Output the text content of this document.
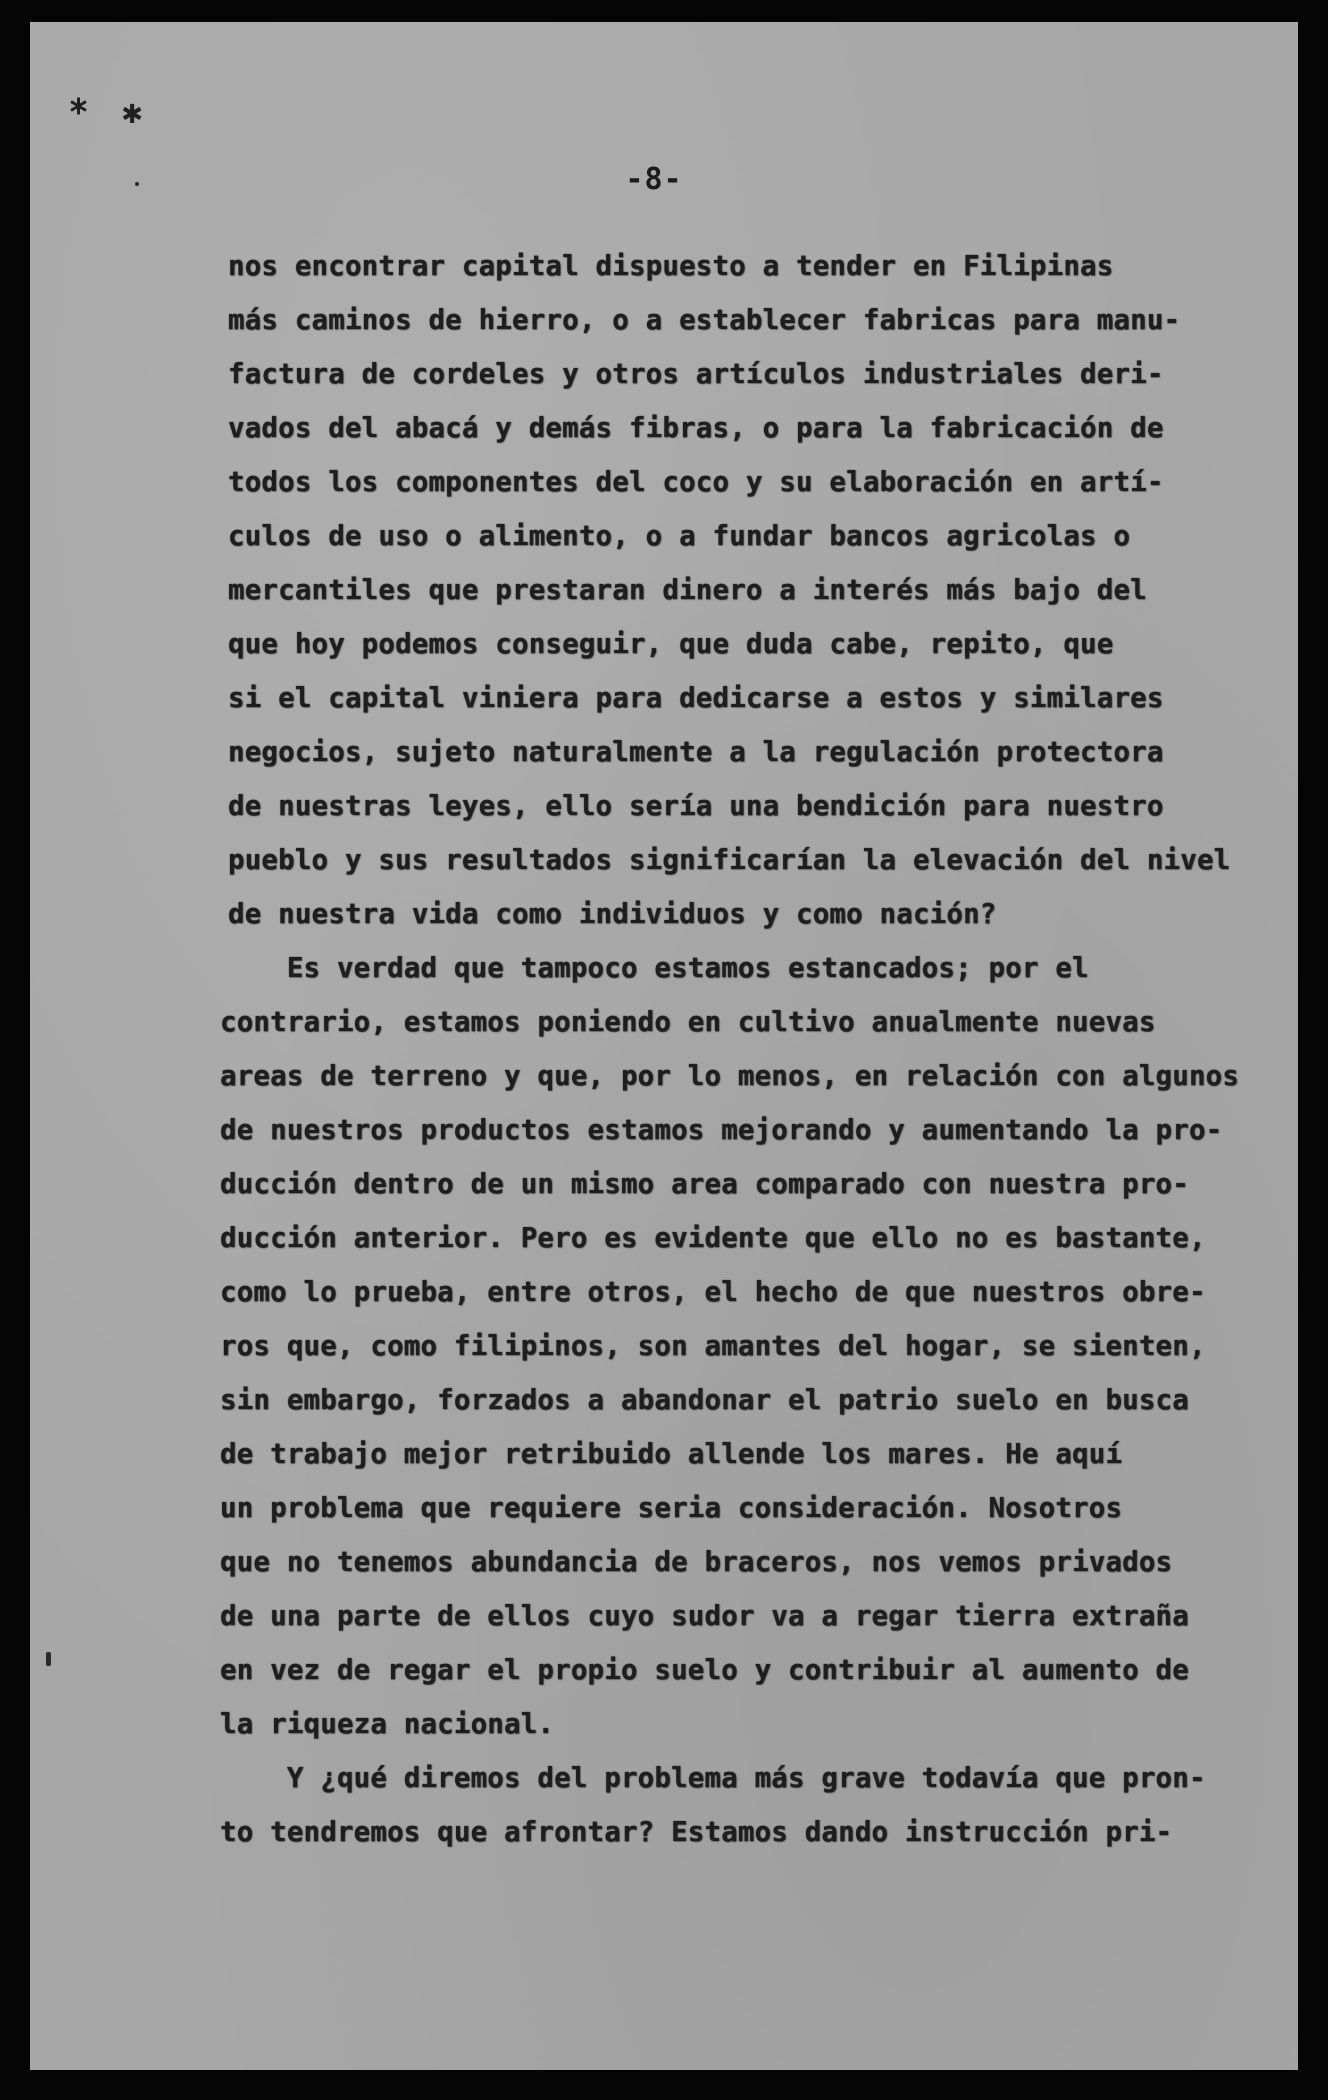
⁎ ✱
-8-
nos encontrar capital dispuesto a tender en Filipinas
más caminos de hierro, o a establecer fabricas para manu-
factura de cordeles y otros artículos industriales deri-
vados del abacá y demás fibras, o para la fabricación de
todos los componentes del coco y su elaboración en artí-
culos de uso o alimento, o a fundar bancos agricolas o
mercantiles que prestaran dinero a interés más bajo del
que hoy podemos conseguir, que duda cabe, repito, que
si el capital viniera para dedicarse a estos y similares
negocios, sujeto naturalmente a la regulación protectora
de nuestras leyes, ello sería una bendición para nuestro
pueblo y sus resultados significarían la elevación del nivel
de nuestra vida como individuos y como nación?
Es verdad que tampoco estamos estancados; por el
contrario, estamos poniendo en cultivo anualmente nuevas
areas de terreno y que, por lo menos, en relación con algunos
de nuestros productos estamos mejorando y aumentando la pro-
ducción dentro de un mismo area comparado con nuestra pro-
ducción anterior. Pero es evidente que ello no es bastante,
como lo prueba, entre otros, el hecho de que nuestros obre-
ros que, como filipinos, son amantes del hogar, se sienten,
sin embargo, forzados a abandonar el patrio suelo en busca
de trabajo mejor retribuido allende los mares. He aquí
un problema que requiere seria consideración. Nosotros
que no tenemos abundancia de braceros, nos vemos privados
de una parte de ellos cuyo sudor va a regar tierra extraña
en vez de regar el propio suelo y contribuir al aumento de
la riqueza nacional.
Y ¿qué diremos del problema más grave todavía que pron-
to tendremos que afrontar? Estamos dando instrucción pri-
